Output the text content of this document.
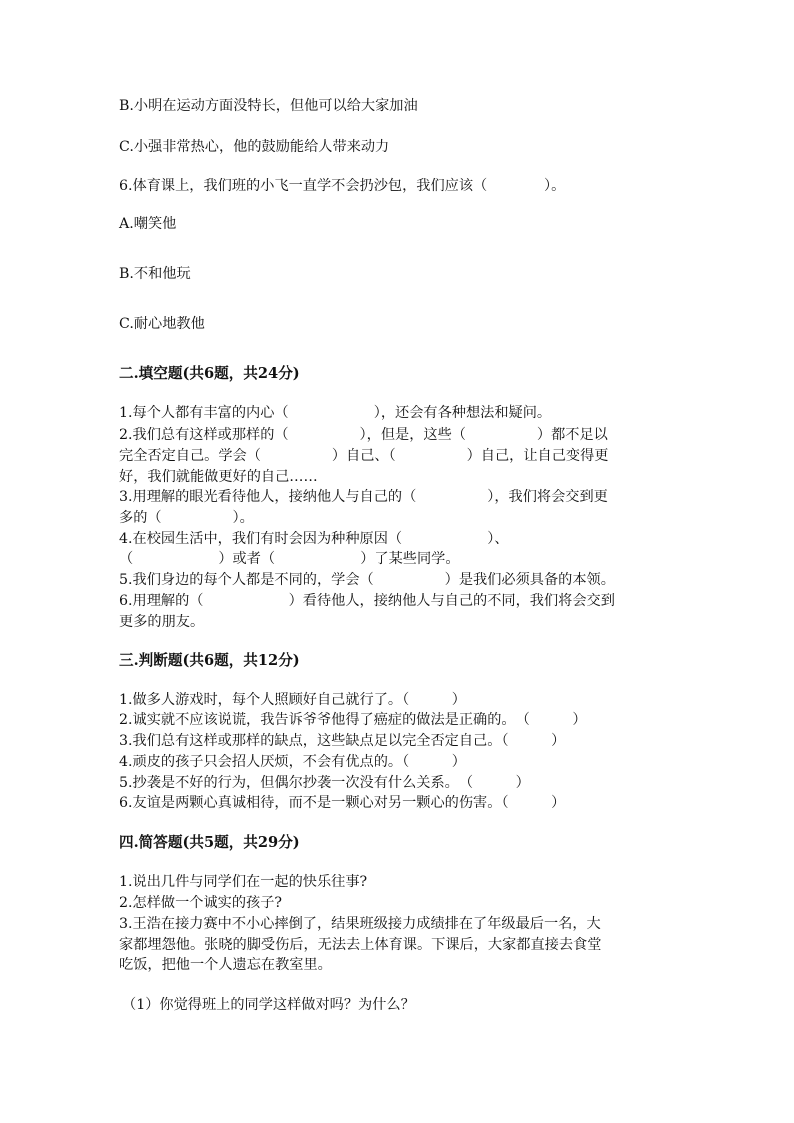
B.小明在运动方面没特长，但他可以给大家加油
C.小强非常热心，他的鼓励能给人带来动力
6.体育课上，我们班的小飞一直学不会扔沙包，我们应该（　　　　）。
A.嘲笑他
B.不和他玩
C.耐心地教他
二.填空题(共6题，共24分)
1.每个人都有丰富的内心（　　　　　　），还会有各种想法和疑问。
2.我们总有这样或那样的（　　　　　），但是，这些（　　　　　）都不足以
完全否定自己。学会（　　　　　）自己、（　　　　　）自己，让自己变得更
好，我们就能做更好的自己……
3.用理解的眼光看待他人，接纳他人与自己的（　　　　　），我们将会交到更
多的（　　　　　）。
4.在校园生活中，我们有时会因为种种原因（　　　　　　）、
（　　　　　　）或者（　　　　　　）了某些同学。
5.我们身边的每个人都是不同的，学会（　　　　　）是我们必须具备的本领。
6.用理解的（　　　　　　）看待他人，接纳他人与自己的不同，我们将会交到
更多的朋友。
三.判断题(共6题，共12分)
1.做多人游戏时，每个人照顾好自己就行了。（　　　）
2.诚实就不应该说谎，我告诉爷爷他得了癌症的做法是正确的。　（　　　）
3.我们总有这样或那样的缺点，这些缺点足以完全否定自己。（　　　）
4.顽皮的孩子只会招人厌烦，不会有优点的。（　　　）
5.抄袭是不好的行为，但偶尔抄袭一次没有什么关系。　（　　　）
6.友谊是两颗心真诚相待，而不是一颗心对另一颗心的伤害。（　　　）
四.简答题(共5题，共29分)
1.说出几件与同学们在一起的快乐往事?
2.怎样做一个诚实的孩子?
3.王浩在接力赛中不小心摔倒了，结果班级接力成绩排在了年级最后一名，大
家都埋怨他。张晓的脚受伤后，无法去上体育课。下课后，大家都直接去食堂
吃饭，把他一个人遗忘在教室里。
（1）你觉得班上的同学这样做对吗？为什么？
